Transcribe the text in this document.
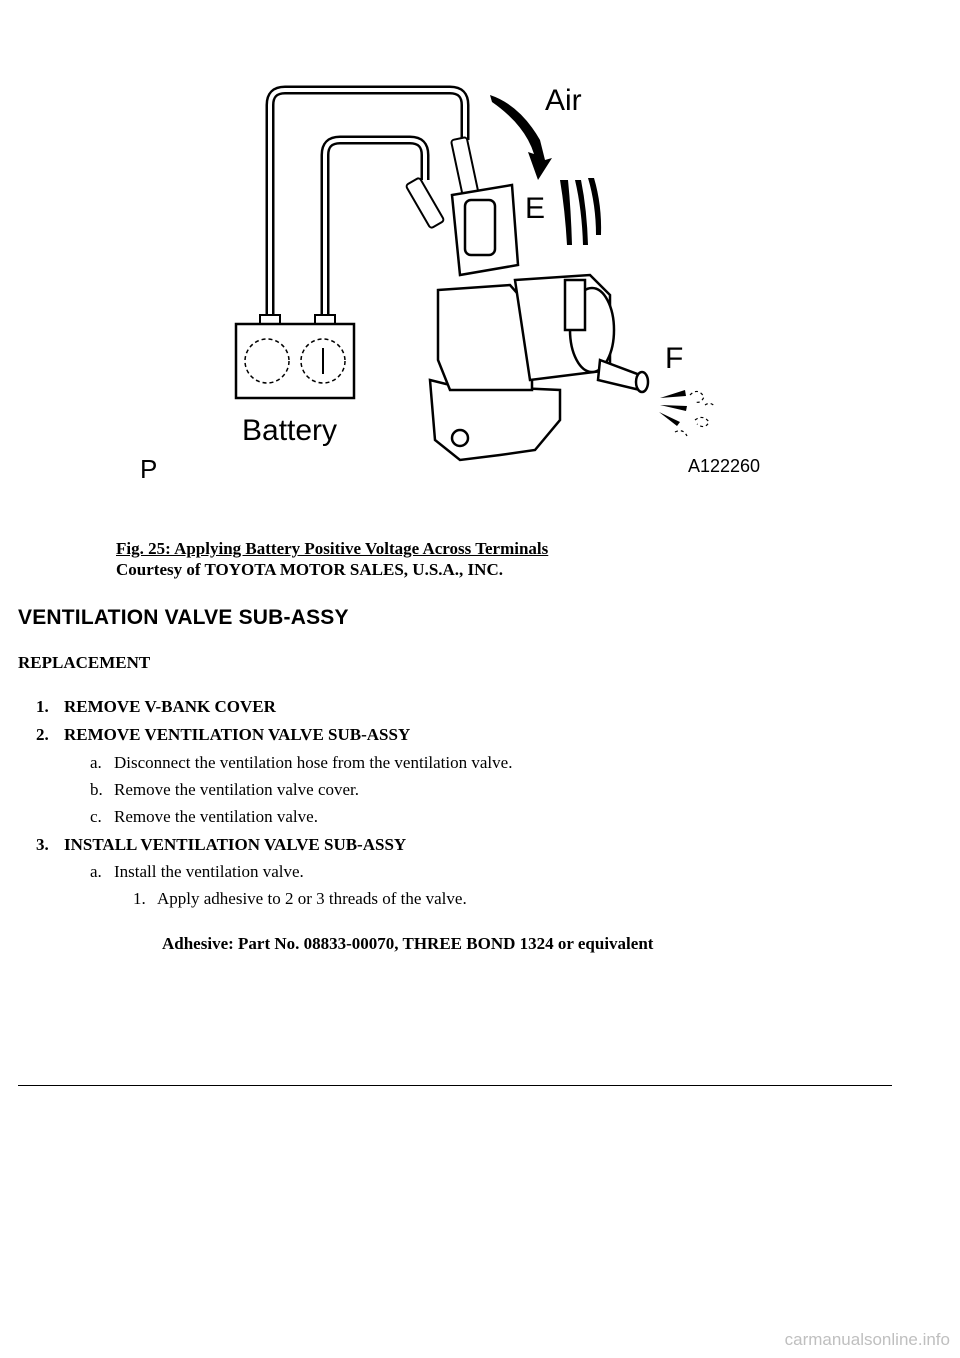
Air
E
F
Battery
P	A122260
Fig. 25: Applying Battery Positive Voltage Across Terminals
Courtesy of TOYOTA MOTOR SALES, U.S.A., INC.
VENTILATION VALVE SUB-ASSY
REPLACEMENT
1. REMOVE V-BANK COVER
2. REMOVE VENTILATION VALVE SUB-ASSY
a. Disconnect the ventilation hose from the ventilation valve.
b. Remove the ventilation valve cover.
c. Remove the ventilation valve.
3. INSTALL VENTILATION VALVE SUB-ASSY
a. Install the ventilation valve.
1. Apply adhesive to 2 or 3 threads of the valve.
Adhesive: Part No. 08833-00070, THREE BOND 1324 or equivalent
carmanualsonline.info
